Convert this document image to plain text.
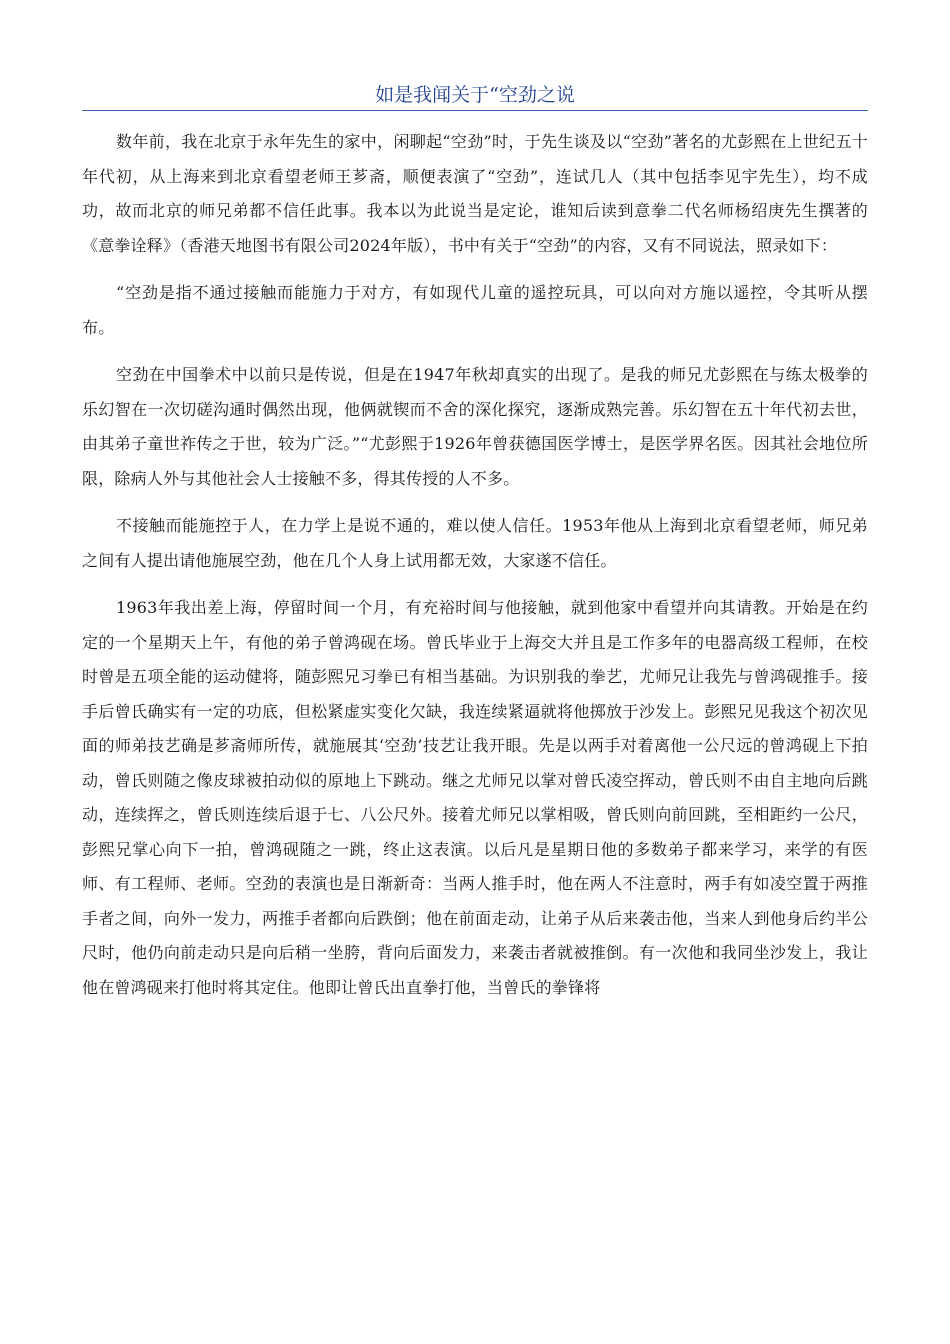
如是我闻关于“空劲之说

数年前，我在北京于永年先生的家中，闲聊起“空劲”时，于先生谈及以“空劲”著名的尤彭熙在上世纪五十年代初，从上海来到北京看望老师王芗斋，顺便表演了“空劲”，连试几人（其中包括李见宇先生），均不成功，故而北京的师兄弟都不信任此事。我本以为此说当是定论，谁知后读到意拳二代名师杨绍庚先生撰著的《意拳诠释》（香港天地图书有限公司2024年版），书中有关于“空劲”的内容，又有不同说法，照录如下：

“空劲是指不通过接触而能施力于对方，有如现代儿童的遥控玩具，可以向对方施以遥控，令其听从摆布。

空劲在中国拳术中以前只是传说，但是在1947年秋却真实的出现了。是我的师兄尤彭熙在与练太极拳的乐幻智在一次切磋沟通时偶然出现，他俩就锲而不舍的深化探究，逐渐成熟完善。乐幻智在五十年代初去世，由其弟子童世祚传之于世，较为广泛。”“尤彭熙于1926年曾获德国医学博士，是医学界名医。因其社会地位所限，除病人外与其他社会人士接触不多，得其传授的人不多。

不接触而能施控于人，在力学上是说不通的，难以使人信任。1953年他从上海到北京看望老师，师兄弟之间有人提出请他施展空劲，他在几个人身上试用都无效，大家遂不信任。

1963年我出差上海，停留时间一个月，有充裕时间与他接触，就到他家中看望并向其请教。开始是在约定的一个星期天上午，有他的弟子曾鸿砚在场。曾氏毕业于上海交大并且是工作多年的电器高级工程师，在校时曾是五项全能的运动健将，随彭熙兄习拳已有相当基础。为识别我的拳艺，尤师兄让我先与曾鸿砚推手。接手后曾氏确实有一定的功底，但松紧虚实变化欠缺，我连续紧逼就将他掷放于沙发上。彭熙兄见我这个初次见面的师弟技艺确是芗斋师所传，就施展其‘空劲’技艺让我开眼。先是以两手对着离他一公尺远的曾鸿砚上下拍动，曾氏则随之像皮球被拍动似的原地上下跳动。继之尤师兄以掌对曾氏凌空挥动，曾氏则不由自主地向后跳动，连续挥之，曾氏则连续后退于七、八公尺外。接着尤师兄以掌相吸，曾氏则向前回跳，至相距约一公尺，彭熙兄掌心向下一拍，曾鸿砚随之一跳，终止这表演。以后凡是星期日他的多数弟子都来学习，来学的有医师、有工程师、老师。空劲的表演也是日渐新奇：当两人推手时，他在两人不注意时，两手有如凌空置于两推手者之间，向外一发力，两推手者都向后跌倒；他在前面走动，让弟子从后来袭击他，当来人到他身后约半公尺时，他仍向前走动只是向后稍一坐胯，背向后面发力，来袭击者就被推倒。有一次他和我同坐沙发上，我让他在曾鸿砚来打他时将其定住。他即让曾氏出直拳打他，当曾氏的拳锋将
